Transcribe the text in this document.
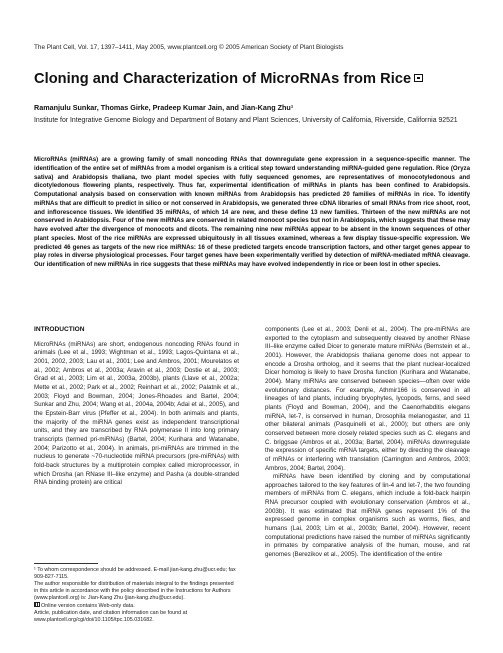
The Plant Cell, Vol. 17, 1397–1411, May 2005, www.plantcell.org © 2005 American Society of Plant Biologists
Cloning and Characterization of MicroRNAs from Rice
Ramanjulu Sunkar, Thomas Girke, Pradeep Kumar Jain, and Jian-Kang Zhu¹
Institute for Integrative Genome Biology and Department of Botany and Plant Sciences, University of California, Riverside, California 92521
MicroRNAs (miRNAs) are a growing family of small noncoding RNAs that downregulate gene expression in a sequence-specific manner. The identification of the entire set of miRNAs from a model organism is a critical step toward understanding miRNA-guided gene regulation. Rice (Oryza sativa) and Arabidopsis thaliana, two plant model species with fully sequenced genomes, are representatives of monocotyledonous and dicotyledonous flowering plants, respectively. Thus far, experimental identification of miRNAs in plants has been confined to Arabidopsis. Computational analysis based on conservation with known miRNAs from Arabidopsis has predicted 20 families of miRNAs in rice. To identify miRNAs that are difficult to predict in silico or not conserved in Arabidopsis, we generated three cDNA libraries of small RNAs from rice shoot, root, and inflorescence tissues. We identified 35 miRNAs, of which 14 are new, and these define 13 new families. Thirteen of the new miRNAs are not conserved in Arabidopsis. Four of the new miRNAs are conserved in related monocot species but not in Arabidopsis, which suggests that these may have evolved after the divergence of monocots and dicots. The remaining nine new miRNAs appear to be absent in the known sequences of other plant species. Most of the rice miRNAs are expressed ubiquitously in all tissues examined, whereas a few display tissue-specific expression. We predicted 46 genes as targets of the new rice miRNAs: 16 of these predicted targets encode transcription factors, and other target genes appear to play roles in diverse physiological processes. Four target genes have been experimentally verified by detection of miRNA-mediated mRNA cleavage. Our identification of new miRNAs in rice suggests that these miRNAs may have evolved independently in rice or been lost in other species.
INTRODUCTION

MicroRNAs (miRNAs) are short, endogenous noncoding RNAs found in animals (Lee et al., 1993; Wightman et al., 1993; Lagos-Quintana et al., 2001, 2002, 2003; Lau et al., 2001; Lee and Ambros, 2001; Mourelatos et al., 2002; Ambros et al., 2003a; Aravin et al., 2003; Dostie et al., 2003; Grad et al., 2003; Lim et al., 2003a, 2003b), plants (Llave et al., 2002a; Mette et al., 2002; Park et al., 2002; Reinhart et al., 2002; Palatnik et al., 2003; Floyd and Bowman, 2004; Jones-Rhoades and Bartel, 2004; Sunkar and Zhu, 2004; Wang et al., 2004a, 2004b; Adai et al., 2005), and the Epstein-Barr virus (Pfeffer et al., 2004). In both animals and plants, the majority of the miRNA genes exist as independent transcriptional units, and they are transcribed by RNA polymerase II into long primary transcripts (termed pri-miRNAs) (Bartel, 2004; Kurihara and Watanabe, 2004; Parizotto et al., 2004). In animals, pri-miRNAs are trimmed in the nucleus to generate ~70-nucleotide miRNA precursors (pre-miRNAs) with fold-back structures by a multiprotein complex called microprocessor, in which Drosha (an RNase III–like enzyme) and Pasha (a double-stranded RNA binding protein) are critical

components (Lee et al., 2003; Denli et al., 2004). The pre-miRNAs are exported to the cytoplasm and subsequently cleaved by another RNase III–like enzyme called Dicer to generate mature miRNAs (Bernstein et al., 2001). However, the Arabidopsis thaliana genome does not appear to encode a Drosha ortholog, and it seems that the plant nuclear-localized Dicer homolog is likely to have Drosha function (Kurihara and Watanabe, 2004). Many miRNAs are conserved between species—often over wide evolutionary distances. For example, Athmir166 is conserved in all lineages of land plants, including bryophytes, lycopods, ferns, and seed plants (Floyd and Bowman, 2004), and the Caenorhabditis elegans miRNA, let-7, is conserved in human, Drosophila melanogaster, and 11 other bilateral animals (Pasquinelli et al., 2000); but others are only conserved between more closely related species such as C. elegans and C. briggsae (Ambros et al., 2003a; Bartel, 2004). miRNAs downregulate the expression of specific mRNA targets, either by directing the cleavage of mRNAs or interfering with translation (Carrington and Ambros, 2003; Ambros, 2004; Bartel, 2004).

miRNAs have been identified by cloning and by computational approaches tailored to the key features of lin-4 and let-7, the two founding members of miRNAs from C. elegans, which include a fold-back hairpin RNA precursor coupled with evolutionary conservation (Ambros et al., 2003b). It was estimated that miRNA genes represent 1% of the expressed genome in complex organisms such as worms, flies, and humans (Lai, 2003; Lim et al., 2003b; Bartel, 2004). However, recent computational predictions have raised the number of miRNAs significantly in primates by comparative analysis of the human, mouse, and rat genomes (Berezikov et al., 2005). The identification of the entire

¹ To whom correspondence should be addressed. E-mail jian-kang.zhu@ucr.edu; fax 909-827-7115.

The author responsible for distribution of materials integral to the findings presented in this article in accordance with the policy described in the Instructions for Authors (www.plantcell.org) is: Jian-Kang Zhu (jian-kang.zhu@ucr.edu).

Online version contains Web-only data.

Article, publication date, and citation information can be found at www.plantcell.org/cgi/doi/10.1105/tpc.105.031682.
